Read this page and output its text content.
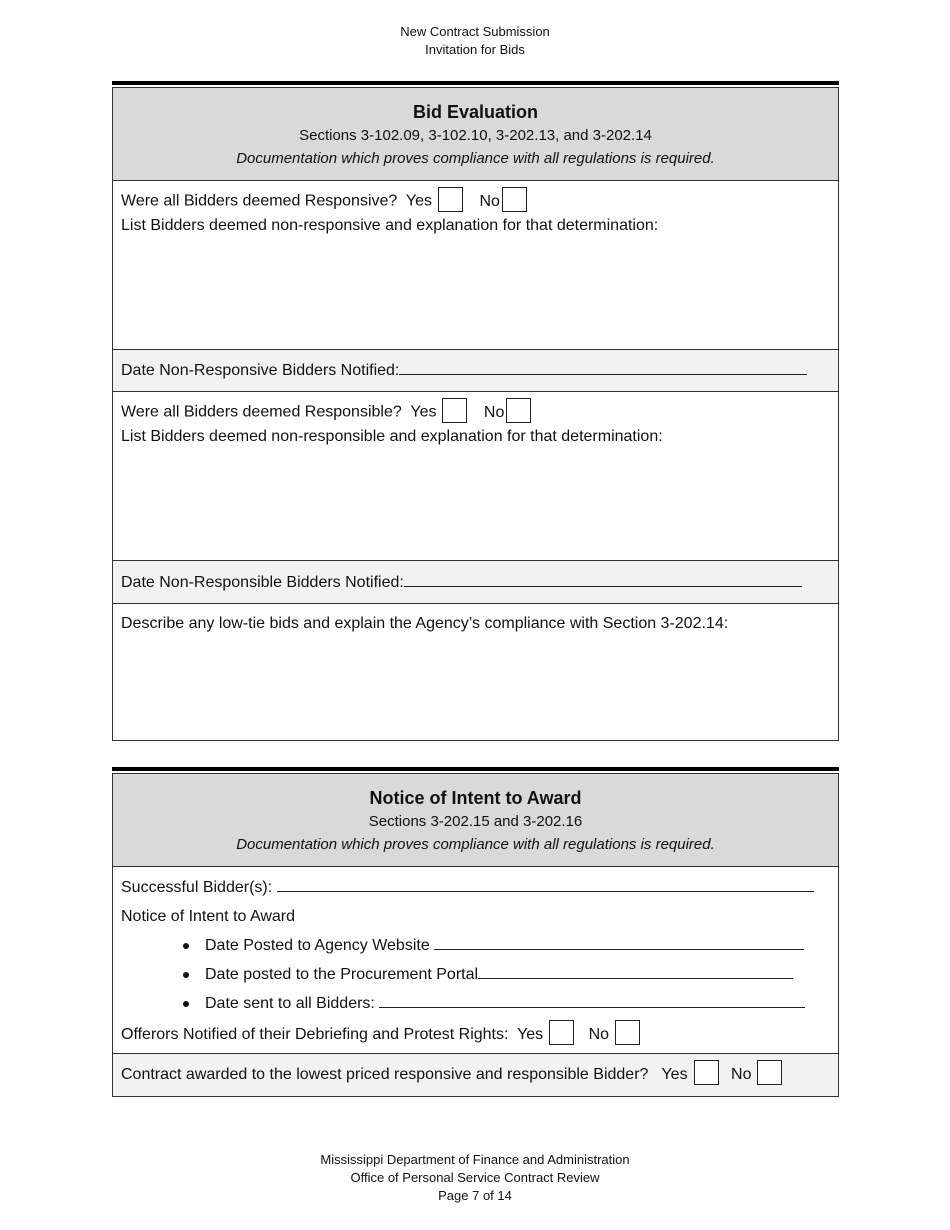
New Contract Submission
Invitation for Bids
Bid Evaluation
Sections 3-102.09, 3-102.10, 3-202.13, and 3-202.14
Documentation which proves compliance with all regulations is required.
Were all Bidders deemed Responsive? Yes	No
List Bidders deemed non-responsive and explanation for that determination:
Date Non-Responsive Bidders Notified:
Were all Bidders deemed Responsible? Yes	No
List Bidders deemed non-responsible and explanation for that determination:
Date Non-Responsible Bidders Notified:
Describe any low-tie bids and explain the Agency’s compliance with Section 3-202.14:
Notice of Intent to Award
Sections 3-202.15 and 3-202.16
Documentation which proves compliance with all regulations is required.
Successful Bidder(s):
Notice of Intent to Award
Date Posted to Agency Website
Date posted to the Procurement Portal
Date sent to all Bidders:
Offerors Notified of their Debriefing and Protest Rights: Yes	No
Contract awarded to the lowest priced responsive and responsible Bidder? Yes	No
Mississippi Department of Finance and Administration
Office of Personal Service Contract Review
Page 7 of 14
